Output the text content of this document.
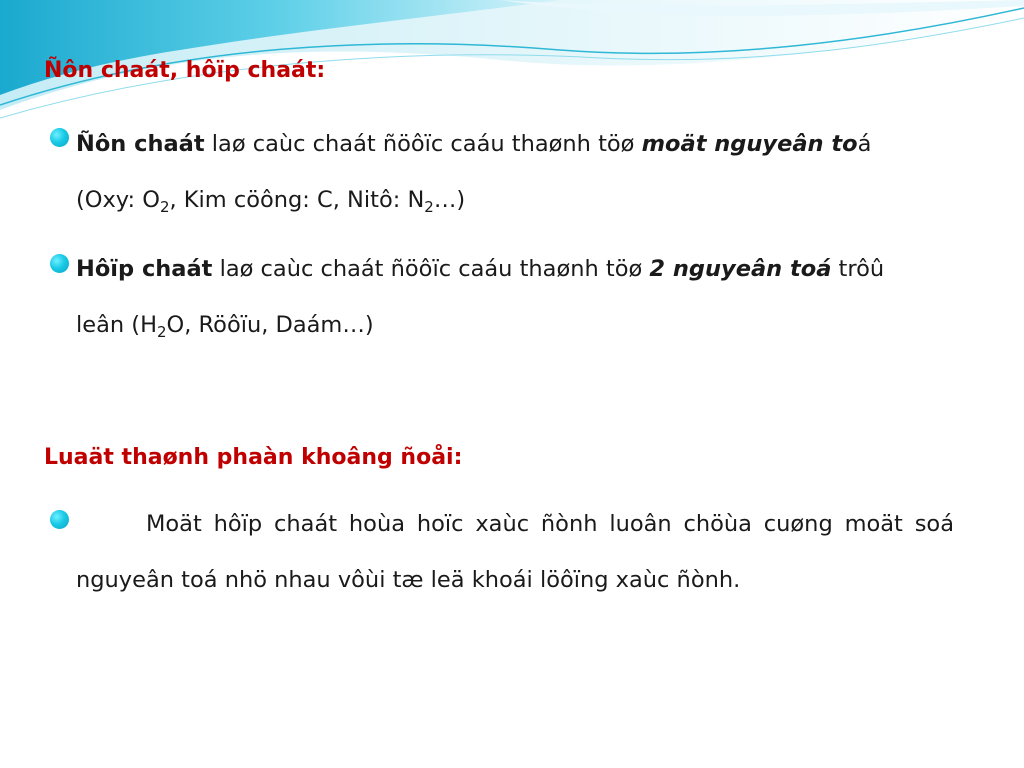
Ñôn chaát, hôïp chaát:

Ñôn chaát laø caùc chaát ñöôïc caáu thaønh töø moät nguyeân toá
(Oxy: $O_2$, Kim cöông: C, Nitô: $N_2\dots$)

Hôïp chaát laø caùc chaát ñöôïc caáu thaønh töø 2 nguyeân toá trôû
leân ($H_2O$, Röôïu, Daám…)

Luaät thaønh phaàn khoâng ñoåi:

Moät hôïp chaát hoùa hoïc xaùc ñònh luoân chöùa cuøng moät soá nguyeân toá nhö nhau vôùi tæ leä khoái löôïng xaùc ñònh.
